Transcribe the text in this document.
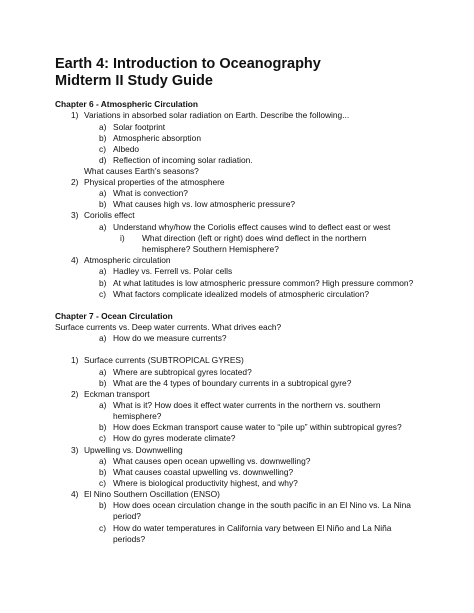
Earth 4: Introduction to Oceanography
Midterm II Study Guide
Chapter 6 - Atmospheric Circulation
1) Variations in absorbed solar radiation on Earth. Describe the following...
a) Solar footprint
b) Atmospheric absorption
c) Albedo
d) Reflection of incoming solar radiation.
What causes Earth’s seasons?
2) Physical properties of the atmosphere
a) What is convection?
b) What causes high vs. low atmospheric pressure?
3) Coriolis effect
a) Understand why/how the Coriolis effect causes wind to deflect east or west
i) What direction (left or right) does wind deflect in the northern
hemisphere? Southern Hemisphere?
4) Atmospheric circulation
a) Hadley vs. Ferrell vs. Polar cells
b) At what latitudes is low atmospheric pressure common? High pressure common?
c) What factors complicate idealized models of atmospheric circulation?
Chapter 7 - Ocean Circulation
Surface currents vs. Deep water currents. What drives each?
a) How do we measure currents?
1) Surface currents (SUBTROPICAL GYRES)
a) Where are subtropical gyres located?
b) What are the 4 types of boundary currents in a subtropical gyre?
2) Eckman transport
a) What is it? How does it effect water currents in the northern vs. southern
hemisphere?
b) How does Eckman transport cause water to “pile up” within subtropical gyres?
c) How do gyres moderate climate?
3) Upwelling vs. Downwelling
a) What causes open ocean upwelling vs. downwelling?
b) What causes coastal upwelling vs. downwelling?
c) Where is biological productivity highest, and why?
4) El Nino Southern Oscillation (ENSO)
b) How does ocean circulation change in the south pacific in an El Nino vs. La Nina
period?
c) How do water temperatures in California vary between El Niño and La Niña
periods?
